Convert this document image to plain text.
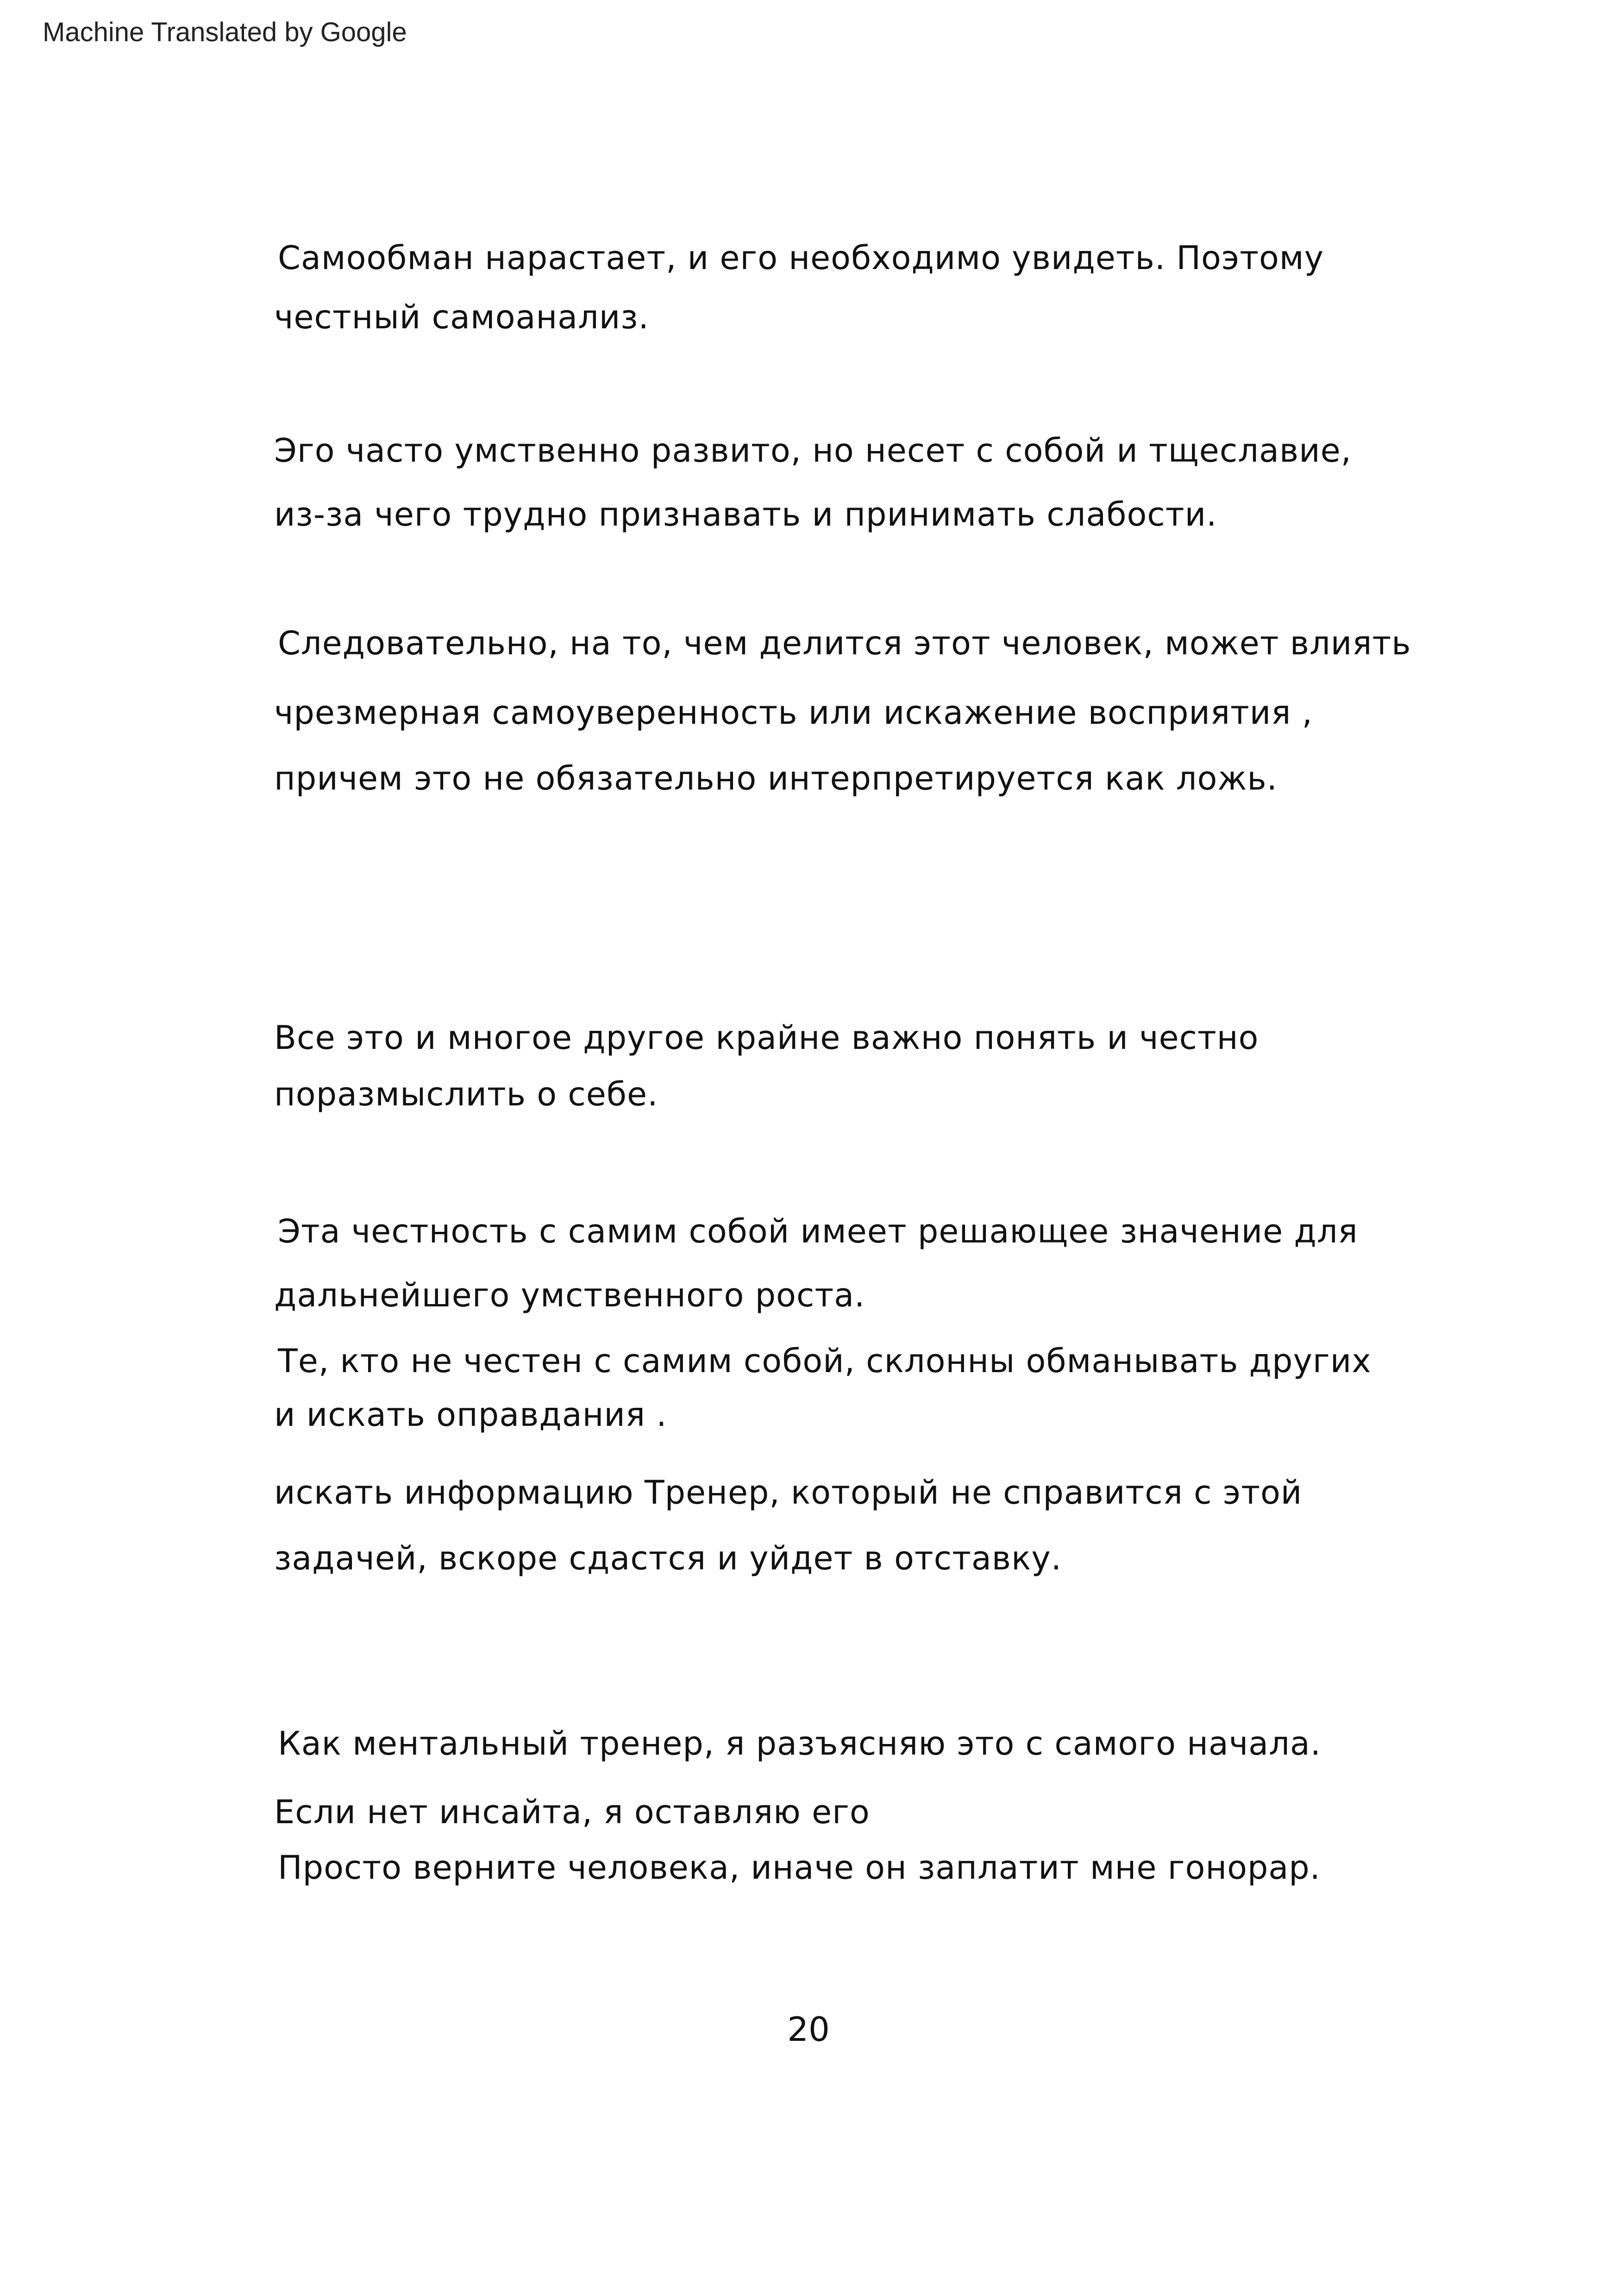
Machine Translated by Google
Самообман нарастает, и его необходимо увидеть. Поэтому
честный самоанализ.
Эго часто умственно развито, но несет с собой и тщеславие,
из-за чего трудно признавать и принимать слабости.
Следовательно, на то, чем делится этот человек, может влиять
чрезмерная самоуверенность или искажение восприятия ,
причем это не обязательно интерпретируется как ложь.
Все это и многое другое крайне важно понять и честно
поразмыслить о себе.
Эта честность с самим собой имеет решающее значение для
дальнейшего умственного роста.
Те, кто не честен с самим собой, склонны обманывать других
и искать оправдания .
искать информацию Тренер, который не справится с этой
задачей, вскоре сдастся и уйдет в отставку.
Как ментальный тренер, я разъясняю это с самого начала.
Если нет инсайта, я оставляю его
Просто верните человека, иначе он заплатит мне гонорар.
20
